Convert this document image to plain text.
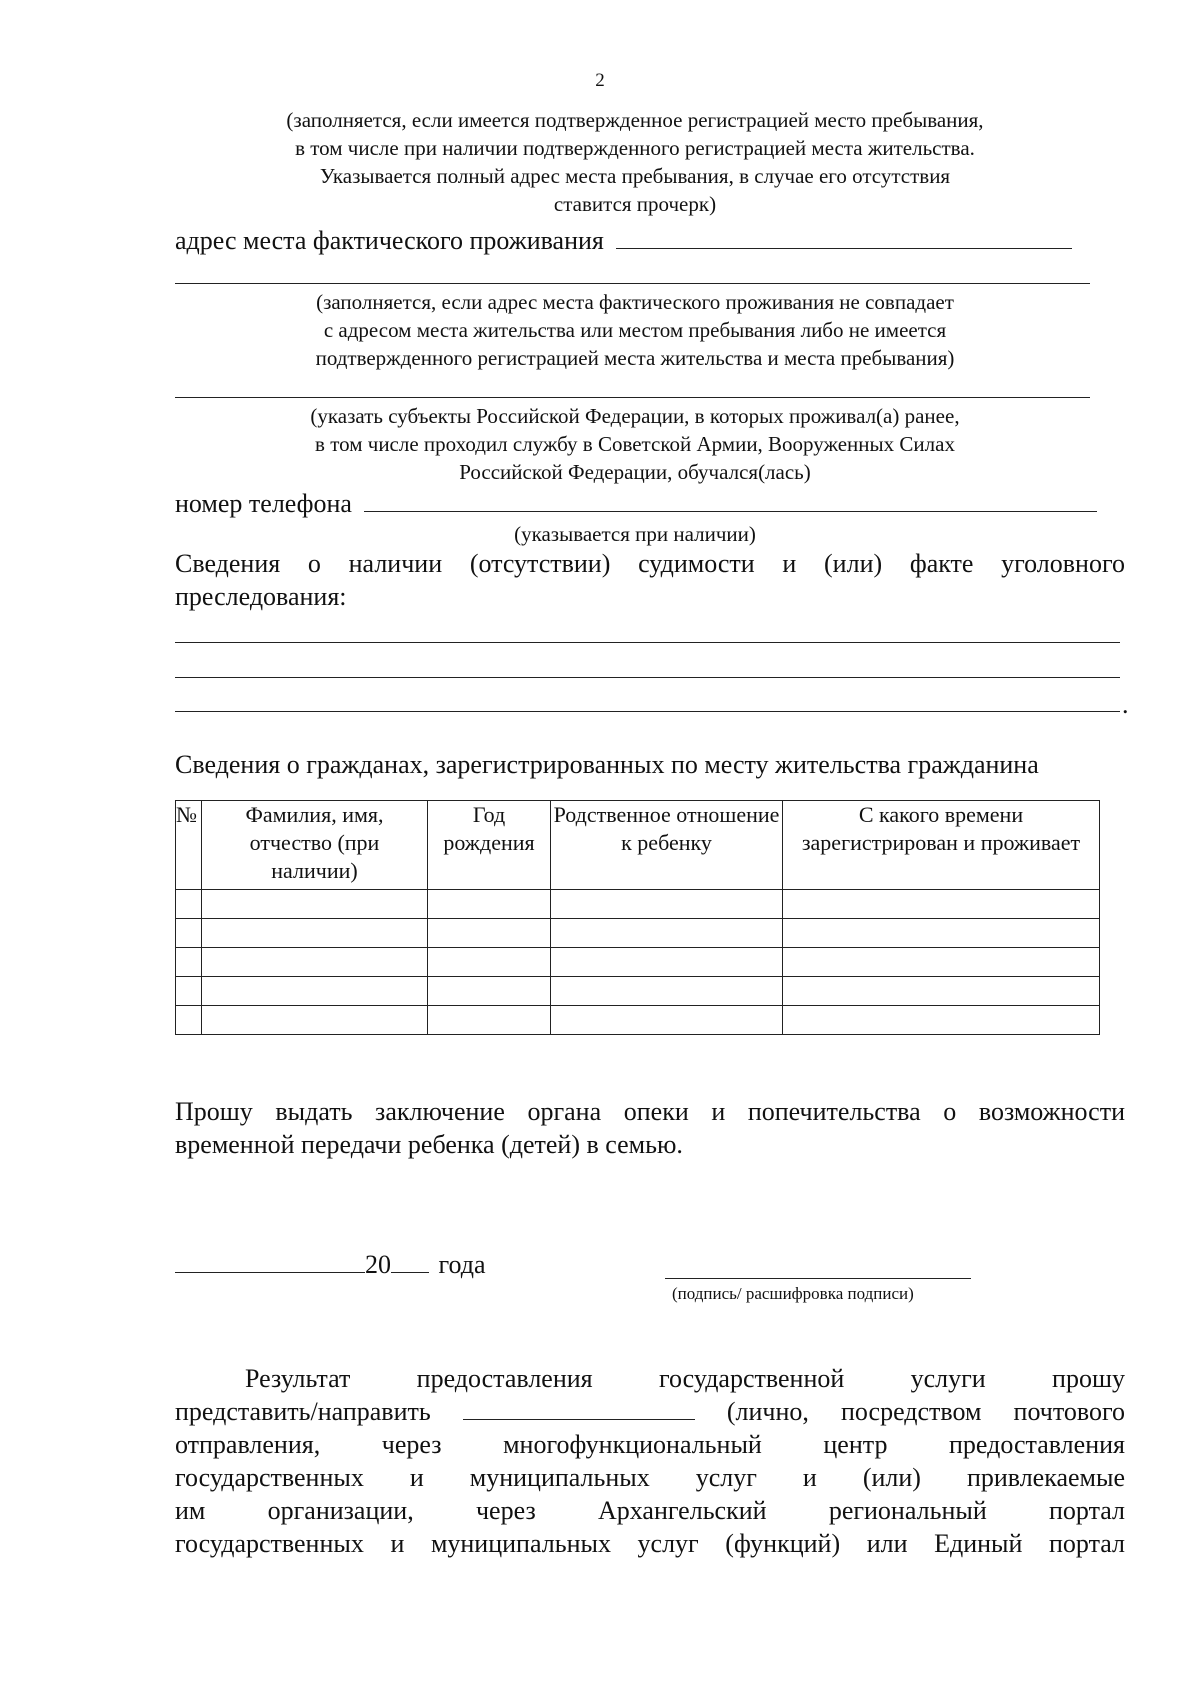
2
(заполняется, если имеется подтвержденное регистрацией место пребывания,
в том числе при наличии подтвержденного регистрацией места жительства.
Указывается полный адрес места пребывания, в случае его отсутствия
ставится прочерк)
адрес места фактического проживания
(заполняется, если адрес места фактического проживания не совпадает
с адресом места жительства или местом пребывания либо не имеется
подтвержденного регистрацией места жительства и места пребывания)
(указать субъекты Российской Федерации, в которых проживал(а) ранее,
в том числе проходил службу в Советской Армии, Вооруженных Силах
Российской Федерации, обучался(лась)
номер телефона
(указывается при наличии)
Сведения о наличии (отсутствии) судимости и (или) факте уголовного
преследования:
.
Сведения о гражданах, зарегистрированных по месту жительства гражданина
№	Фамилия, имя, отчество (при наличии)	Год рождения	Родственное отношение к ребенку	С какого времени зарегистрирован и проживает

Прошу выдать заключение органа опеки и попечительства о возможности
временной передачи ребенка (детей) в семью.
20 года
(подпись/ расшифровка подписи)
Результат предоставления государственной услуги прошу
представить/направить	(лично, посредством почтового
отправления, через многофункциональный центр предоставления
государственных и муниципальных услуг и (или) привлекаемые
им организации, через Архангельский региональный портал
государственных и муниципальных услуг (функций) или Единый портал
